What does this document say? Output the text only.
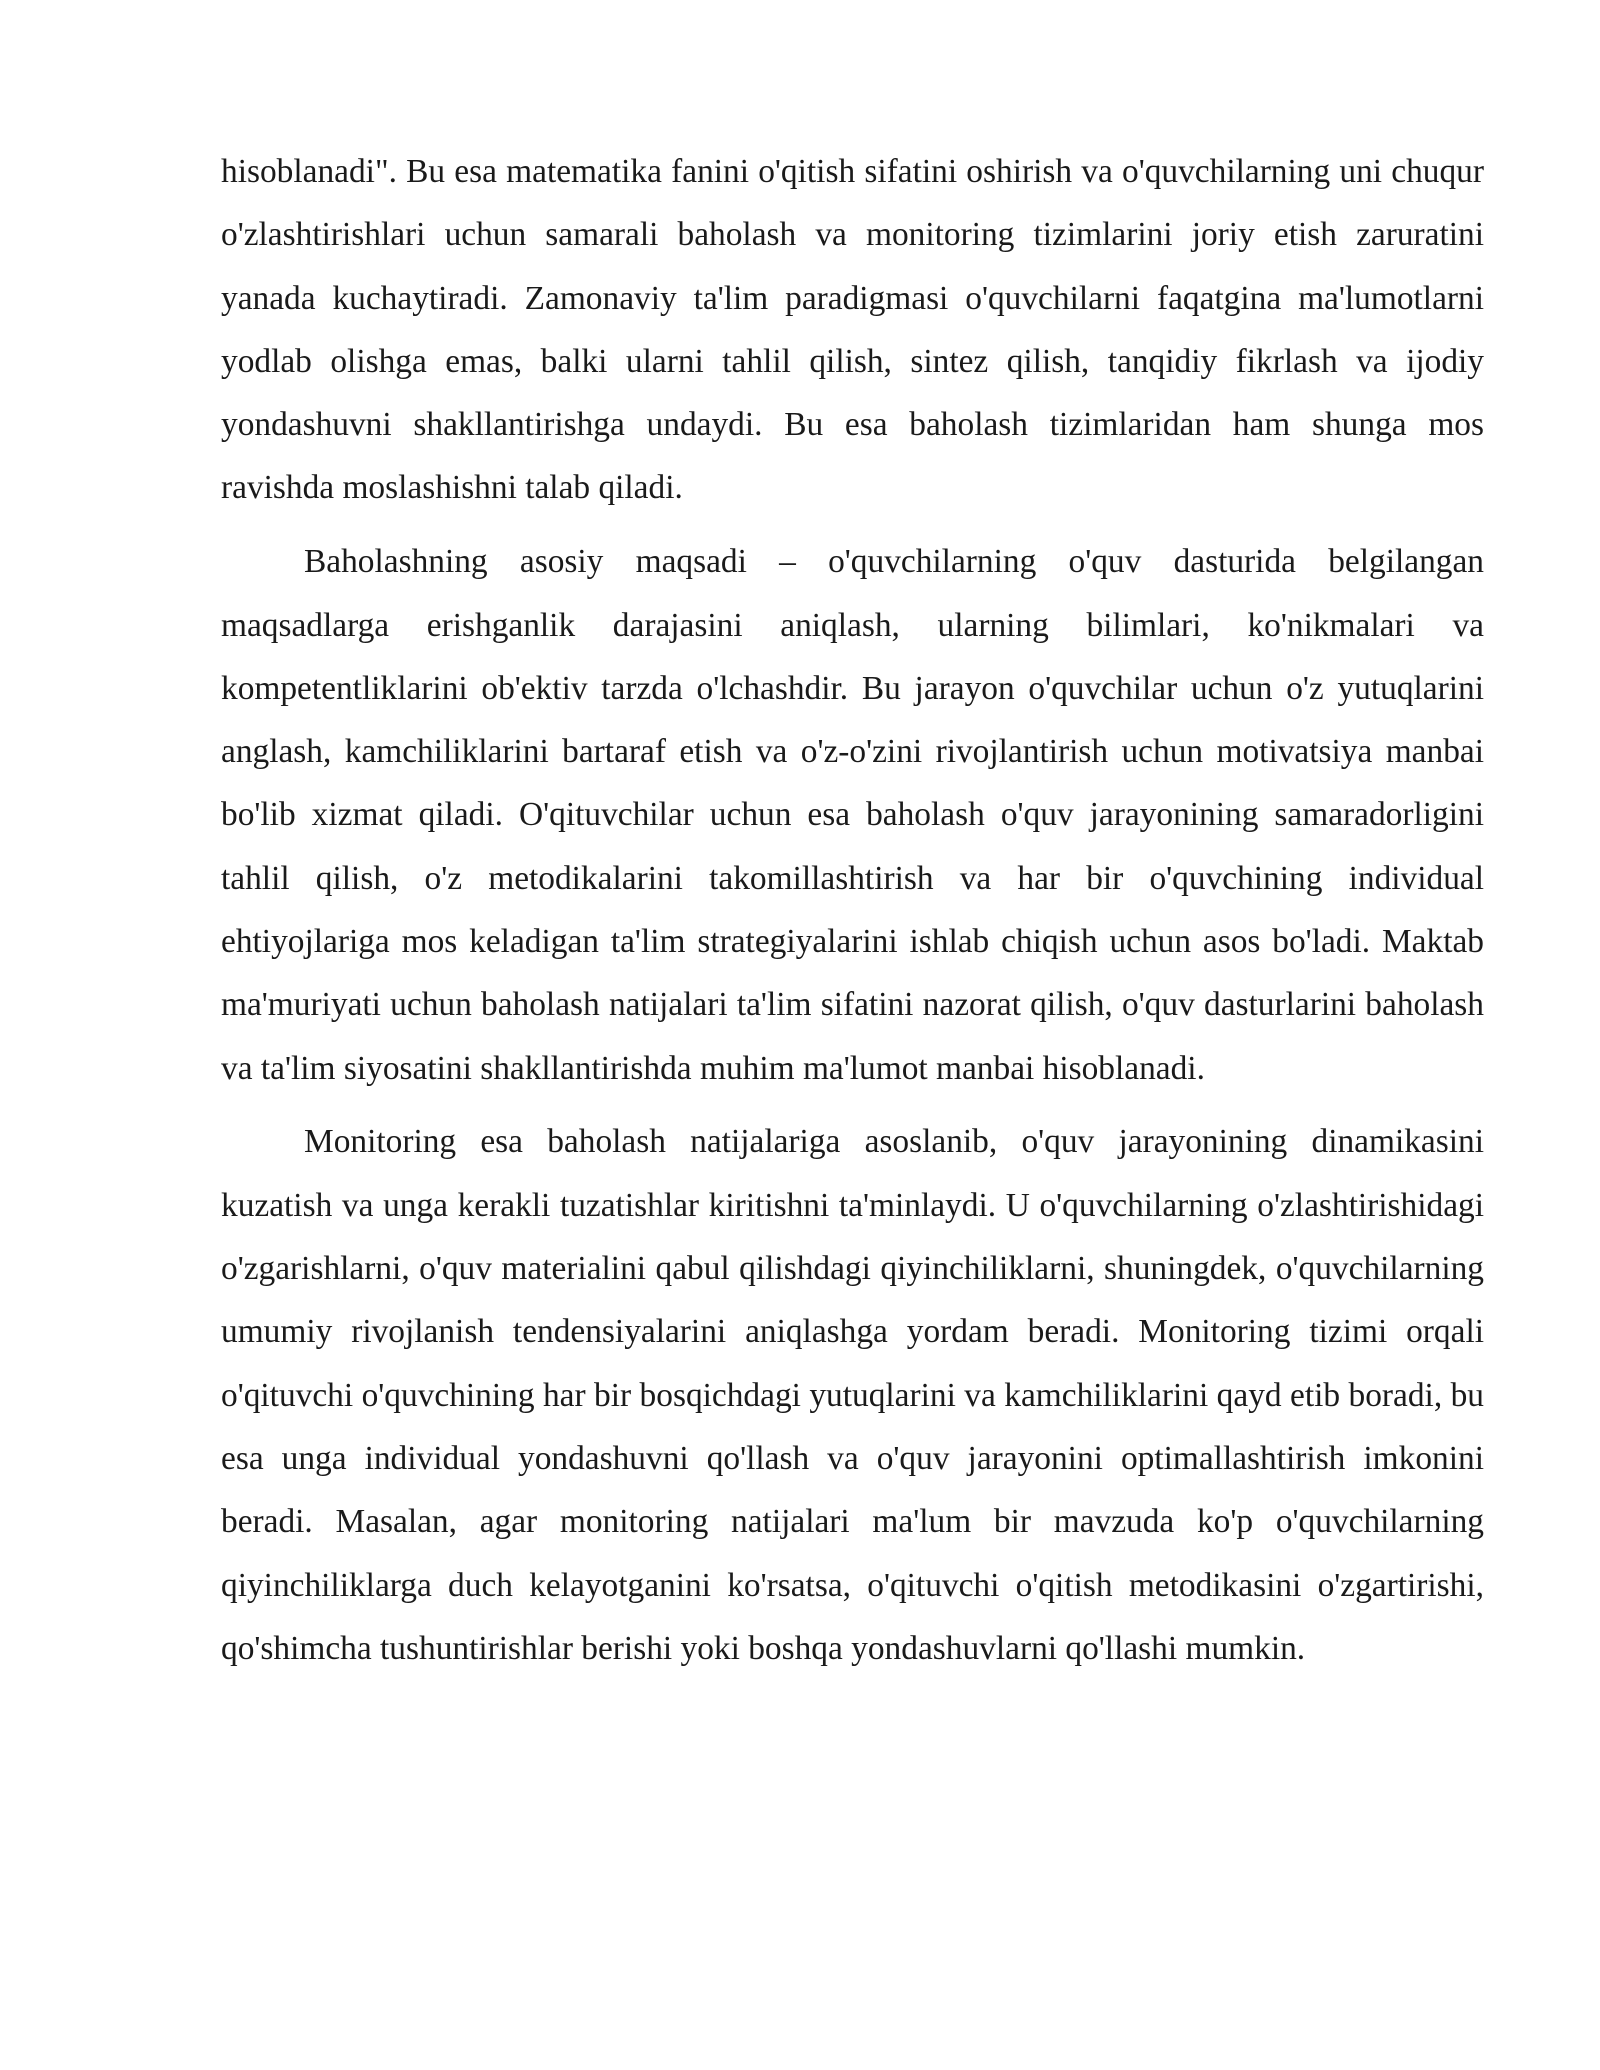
hisoblanadi". Bu esa matematika fanini o'qitish sifatini oshirish va o'quvchilarning uni chuqur o'zlashtirishlari uchun samarali baholash va monitoring tizimlarini joriy etish zaruratini yanada kuchaytiradi. Zamonaviy ta'lim paradigmasi o'quvchilarni faqatgina ma'lumotlarni yodlab olishga emas, balki ularni tahlil qilish, sintez qilish, tanqidiy fikrlash va ijodiy yondashuvni shakllantirishga undaydi. Bu esa baholash tizimlaridan ham shunga mos ravishda moslashishni talab qiladi.

Baholashning asosiy maqsadi – o'quvchilarning o'quv dasturida belgilangan maqsadlarga erishganlik darajasini aniqlash, ularning bilimlari, ko'nikmalari va kompetentliklarini ob'ektiv tarzda o'lchashdir. Bu jarayon o'quvchilar uchun o'z yutuqlarini anglash, kamchiliklarini bartaraf etish va o'z-o'zini rivojlantirish uchun motivatsiya manbai bo'lib xizmat qiladi. O'qituvchilar uchun esa baholash o'quv jarayonining samaradorligini tahlil qilish, o'z metodikalarini takomillashtirish va har bir o'quvchining individual ehtiyojlariga mos keladigan ta'lim strategiyalarini ishlab chiqish uchun asos bo'ladi. Maktab ma'muriyati uchun baholash natijalari ta'lim sifatini nazorat qilish, o'quv dasturlarini baholash va ta'lim siyosatini shakllantirishda muhim ma'lumot manbai hisoblanadi.

Monitoring esa baholash natijalariga asoslanib, o'quv jarayonining dinamikasini kuzatish va unga kerakli tuzatishlar kiritishni ta'minlaydi. U o'quvchilarning o'zlashtirishidagi o'zgarishlarni, o'quv materialini qabul qilishdagi qiyinchiliklarni, shuningdek, o'quvchilarning umumiy rivojlanish tendensiyalarini aniqlashga yordam beradi. Monitoring tizimi orqali o'qituvchi o'quvchining har bir bosqichdagi yutuqlarini va kamchiliklarini qayd etib boradi, bu esa unga individual yondashuvni qo'llash va o'quv jarayonini optimallashtirish imkonini beradi. Masalan, agar monitoring natijalari ma'lum bir mavzuda ko'p o'quvchilarning qiyinchiliklarga duch kelayotganini ko'rsatsa, o'qituvchi o'qitish metodikasini o'zgartirishi, qo'shimcha tushuntirishlar berishi yoki boshqa yondashuvlarni qo'llashi mumkin.
